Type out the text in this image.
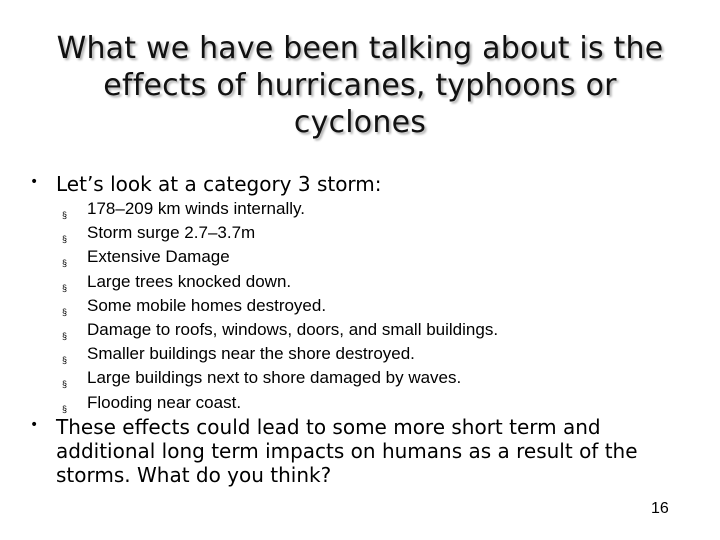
What we have been talking about is the
effects of hurricanes, typhoons or
cyclones
• Let’s look at a category 3 storm:
§ 178–209 km winds internally.
§ Storm surge 2.7–3.7m
§ Extensive Damage
§ Large trees knocked down.
§ Some mobile homes destroyed.
§ Damage to roofs, windows, doors, and small buildings.
§ Smaller buildings near the shore destroyed.
§ Large buildings next to shore damaged by waves.
§ Flooding near coast.
• These effects could lead to some more short term and
additional long term impacts on humans as a result of the
storms. What do you think?
16
